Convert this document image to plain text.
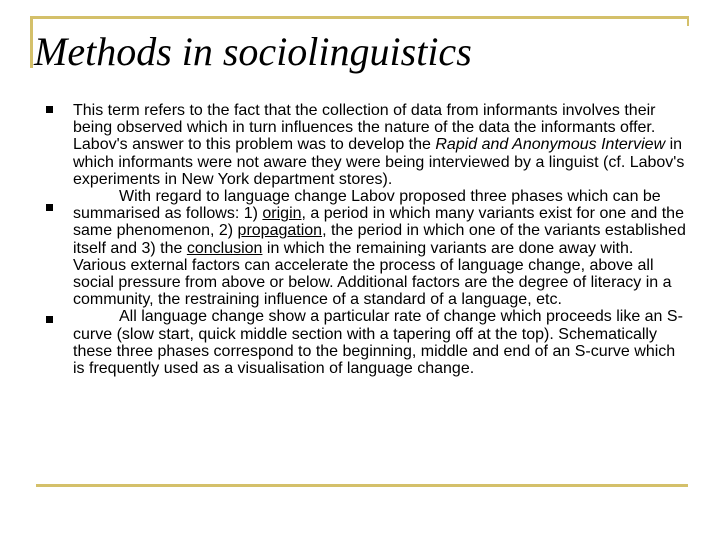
Methods in sociolinguistics
This term refers to the fact that the collection of data from informants involves their being observed which in turn influences the nature of the data the informants offer. Labov's answer to this problem was to develop the Rapid and Anonymous Interview in which informants were not aware they were being interviewed by a linguist (cf. Labov's experiments in New York department stores).
With regard to language change Labov proposed three phases which can be summarised as follows: 1) origin, a period in which many variants exist for one and the same phenomenon, 2) propagation, the period in which one of the variants established itself and 3) the conclusion in which the remaining variants are done away with. Various external factors can accelerate the process of language change, above all social pressure from above or below. Additional factors are the degree of literacy in a community, the restraining influence of a standard of a language, etc.
All language change show a particular rate of change which proceeds like an S-curve (slow start, quick middle section with a tapering off at the top). Schematically these three phases correspond to the beginning, middle and end of an S-curve which is frequently used as a visualisation of language change.
